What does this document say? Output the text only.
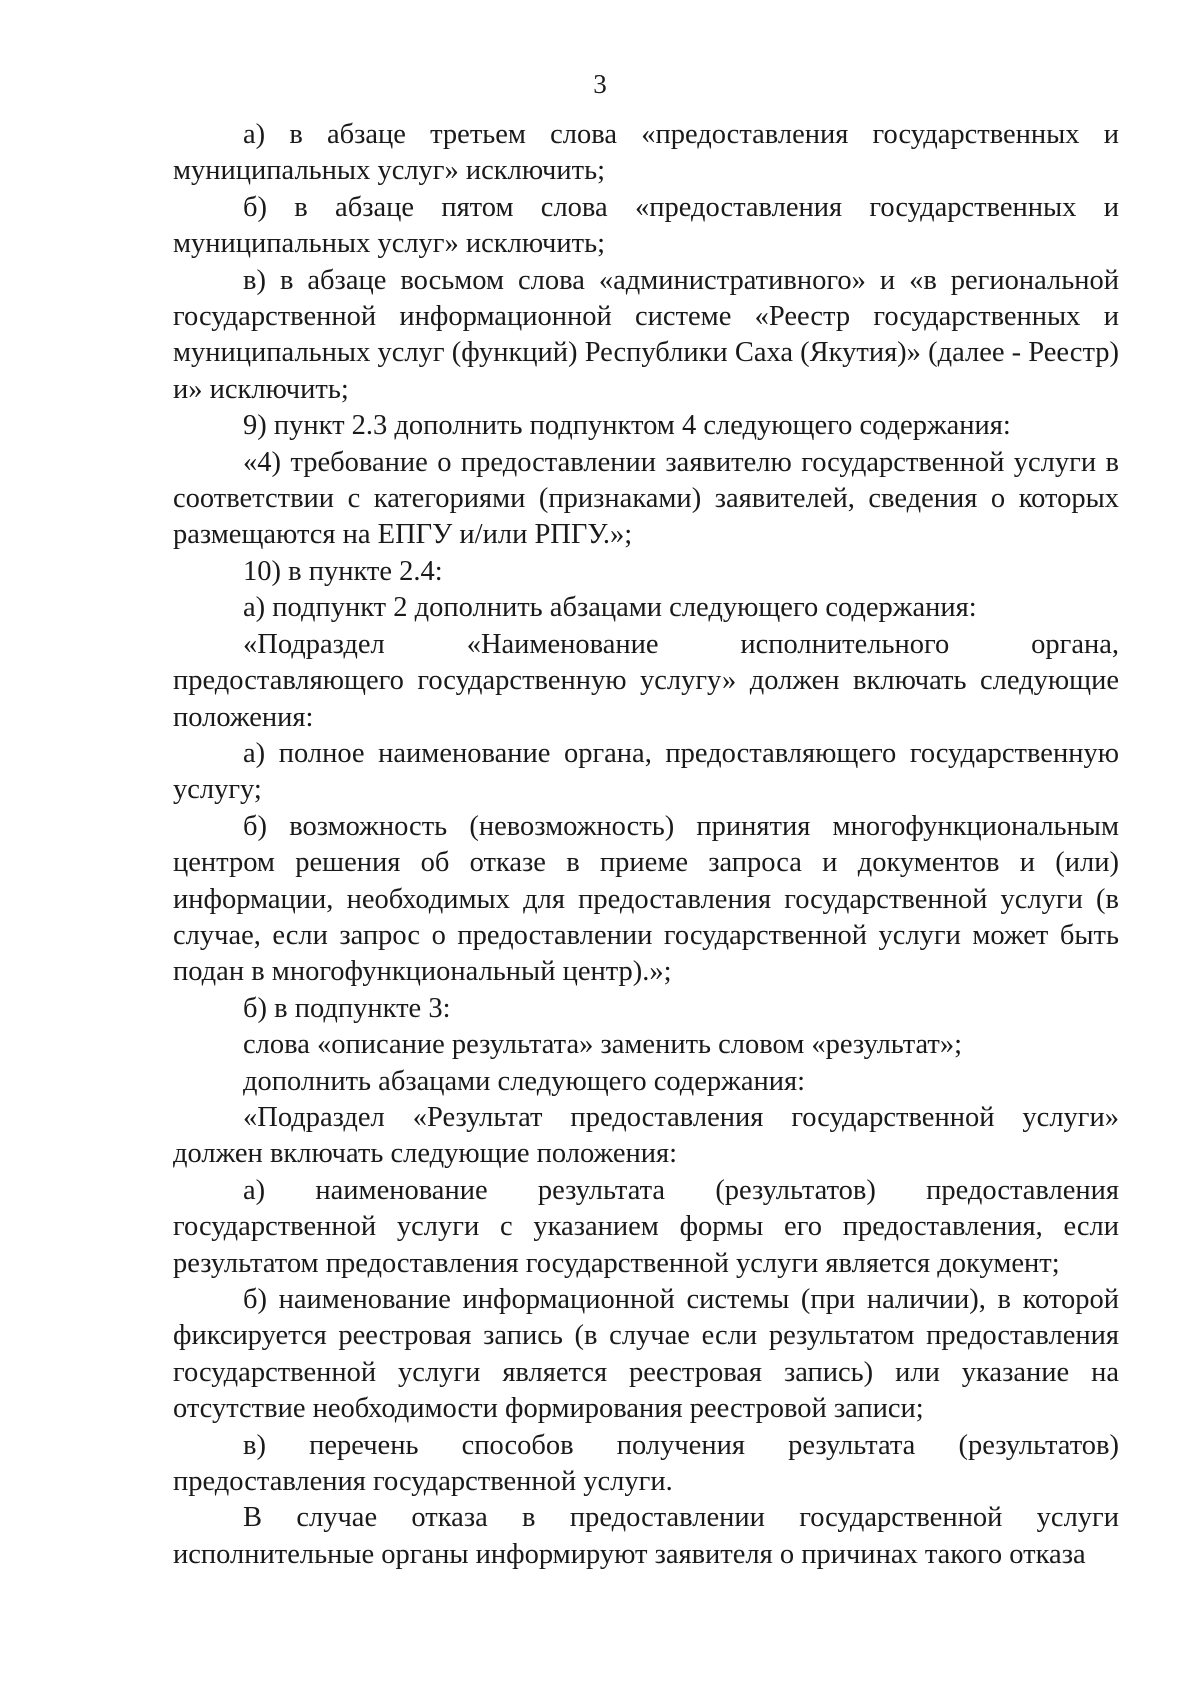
3

а) в абзаце третьем слова «предоставления государственных и муниципальных услуг» исключить;

б) в абзаце пятом слова «предоставления государственных и муниципальных услуг» исключить;

в) в абзаце восьмом слова «административного» и «в региональной государственной информационной системе «Реестр государственных и муниципальных услуг (функций) Республики Саха (Якутия)» (далее - Реестр) и» исключить;

9) пункт 2.3 дополнить подпунктом 4 следующего содержания:

«4) требование о предоставлении заявителю государственной услуги в соответствии с категориями (признаками) заявителей, сведения о которых размещаются на ЕПГУ и/или РПГУ.»;

10) в пункте 2.4:

а) подпункт 2 дополнить абзацами следующего содержания:

«Подраздел «Наименование исполнительного органа, предоставляющего государственную услугу» должен включать следующие положения:

а) полное наименование органа, предоставляющего государственную услугу;

б) возможность (невозможность) принятия многофункциональным центром решения об отказе в приеме запроса и документов и (или) информации, необходимых для предоставления государственной услуги (в случае, если запрос о предоставлении государственной услуги может быть подан в многофункциональный центр).»;

б) в подпункте 3:

слова «описание результата» заменить словом «результат»;

дополнить абзацами следующего содержания:

«Подраздел «Результат предоставления государственной услуги» должен включать следующие положения:

а) наименование результата (результатов) предоставления государственной услуги с указанием формы его предоставления, если результатом предоставления государственной услуги является документ;

б) наименование информационной системы (при наличии), в которой фиксируется реестровая запись (в случае если результатом предоставления государственной услуги является реестровая запись) или указание на отсутствие необходимости формирования реестровой записи;

в) перечень способов получения результата (результатов) предоставления государственной услуги.

В случае отказа в предоставлении государственной услуги исполнительные органы информируют заявителя о причинах такого отказа
